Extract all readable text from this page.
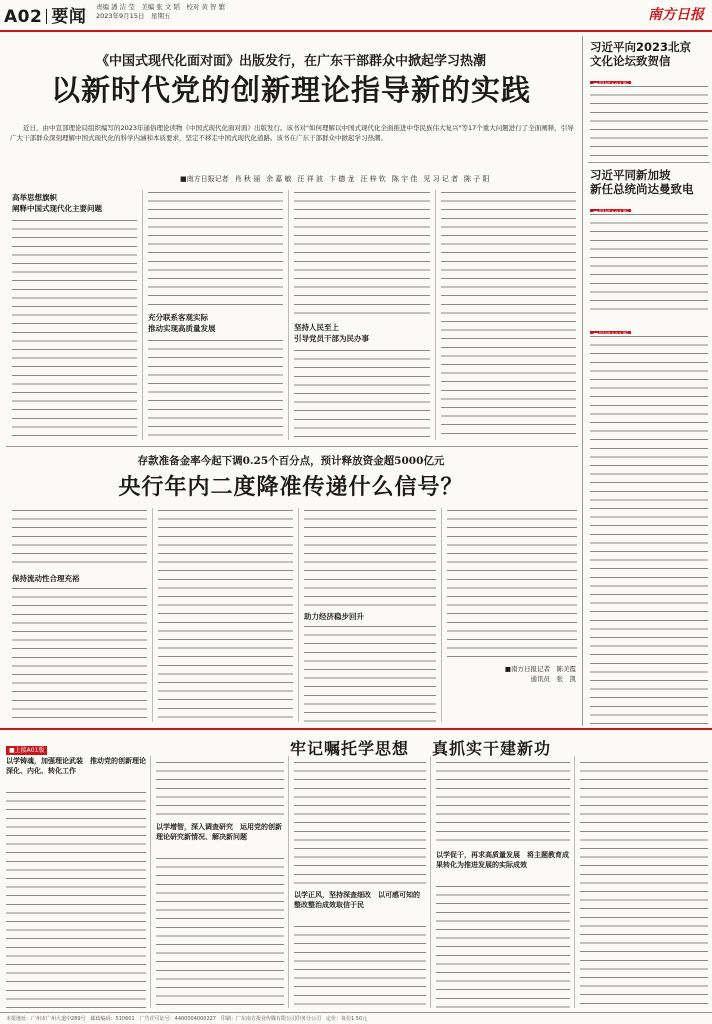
A02 要闻 责编 潘 洁 莹　美编 张 文 韬　校对 黄 智 繁
2023年9月15日　星期五	南方日报
《中国式现代化面对面》出版发行，在广东干部群众中掀起学习热潮
以新时代党的创新理论指导新的实践
近日，由中宣部理论局组织编写的2023年通俗理论读物《中国式现代化面对面》出版发行。该书对"如何理解以中国式现代化全面推进中华民族伟大复兴"等17个重大问题进行了全面阐释，引导广大干部群众深刻理解中国式现代化的科学内涵和本质要求，坚定不移走中国式现代化道路。该书在广东干部群众中掀起学习热潮。
■南方日报记者 肖 秋 丽 余 嘉 敏 汪 祥 波 卞 德 龙 汪 梓 钦 陈 宇 佳 见 习 记 者 陈 子 阳
高举思想旗帜
阐释中国式现代化主要问题
充分联系客观实际
推动实现高质量发展	坚持人民至上
引导党员干部为民办事
习近平向2023北京
文化论坛致贺信
习近平同新加坡
新任总统尚达曼致电
存款准备金率今起下调0.25个百分点，预计释放资金超5000亿元
央行年内二度降准传递什么信号？
保持流动性合理充裕
助力经济稳步回升
■南方日报记者　陈美霞
通讯员　张　凯
■上接A01版	牢记嘱托学思想 真抓实干建新功
以学铸魂，加强理论武装　推动党的创新理论深化、内化、转化工作
以学增智，深入调查研究　运用党的创新理论研究新情况、解决新问题
以学正风，坚持深查细改　以可感可知的整改整治成效取信于民
以学促干，再求高质量发展　将主题教育成果转化为推进发展的实际成效
本报地址：广州市广州大道中289号　邮政编码：510601　广告许可证号：4400004000227　印刷：广东南方报业传媒有限公司印务分公司　定价：每份1.50元
